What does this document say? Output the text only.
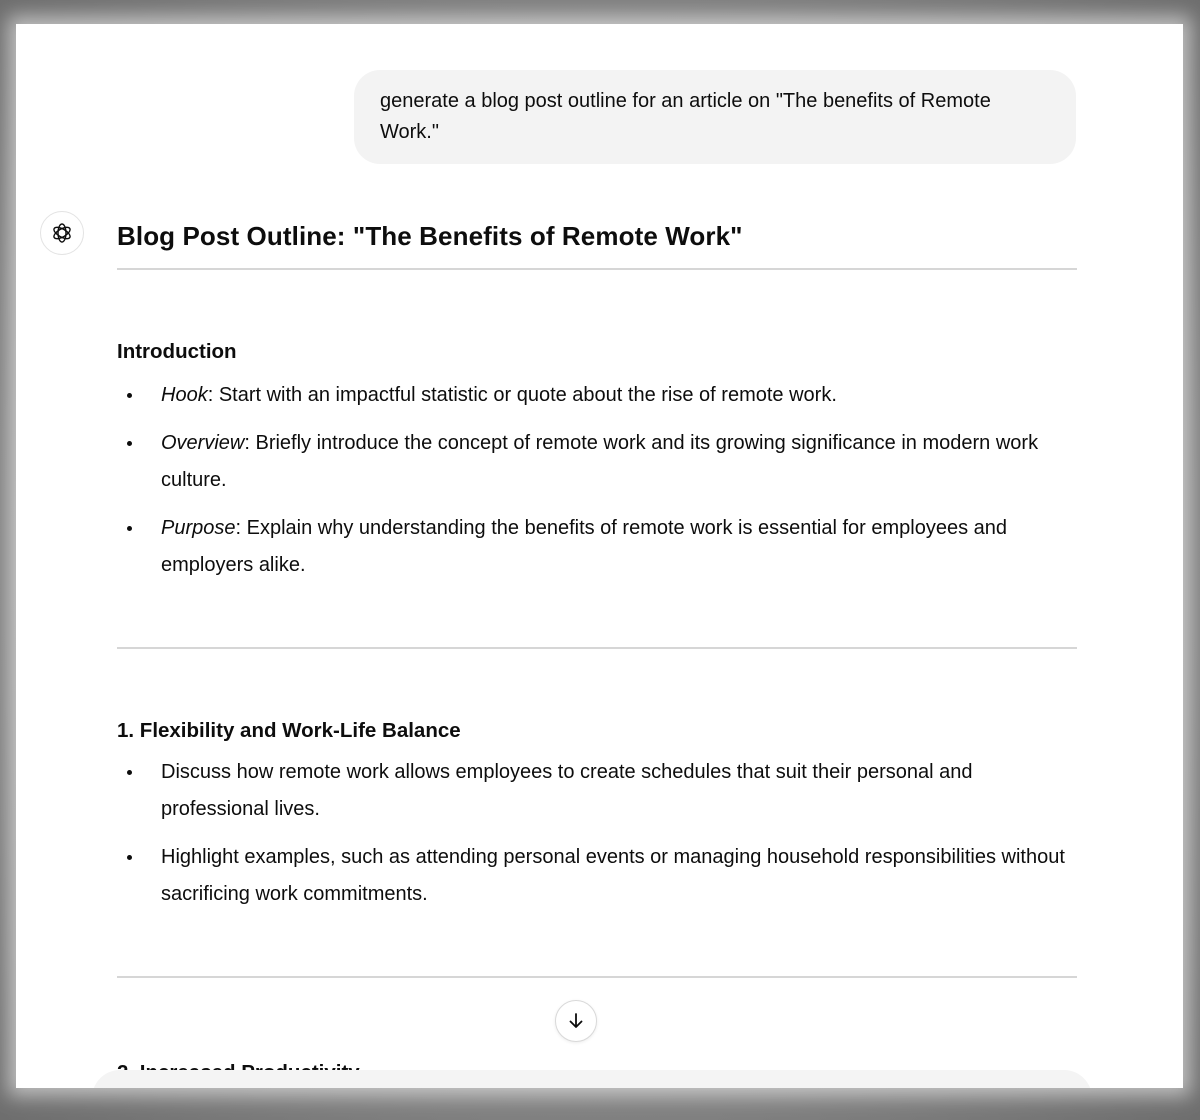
generate a blog post outline for an article on "The benefits of Remote Work."
Blog Post Outline: "The Benefits of Remote Work"
Introduction
Hook: Start with an impactful statistic or quote about the rise of remote work.
Overview: Briefly introduce the concept of remote work and its growing significance in modern work culture.
Purpose: Explain why understanding the benefits of remote work is essential for employees and employers alike.
1. Flexibility and Work-Life Balance
Discuss how remote work allows employees to create schedules that suit their personal and professional lives.
Highlight examples, such as attending personal events or managing household responsibilities without sacrificing work commitments.
